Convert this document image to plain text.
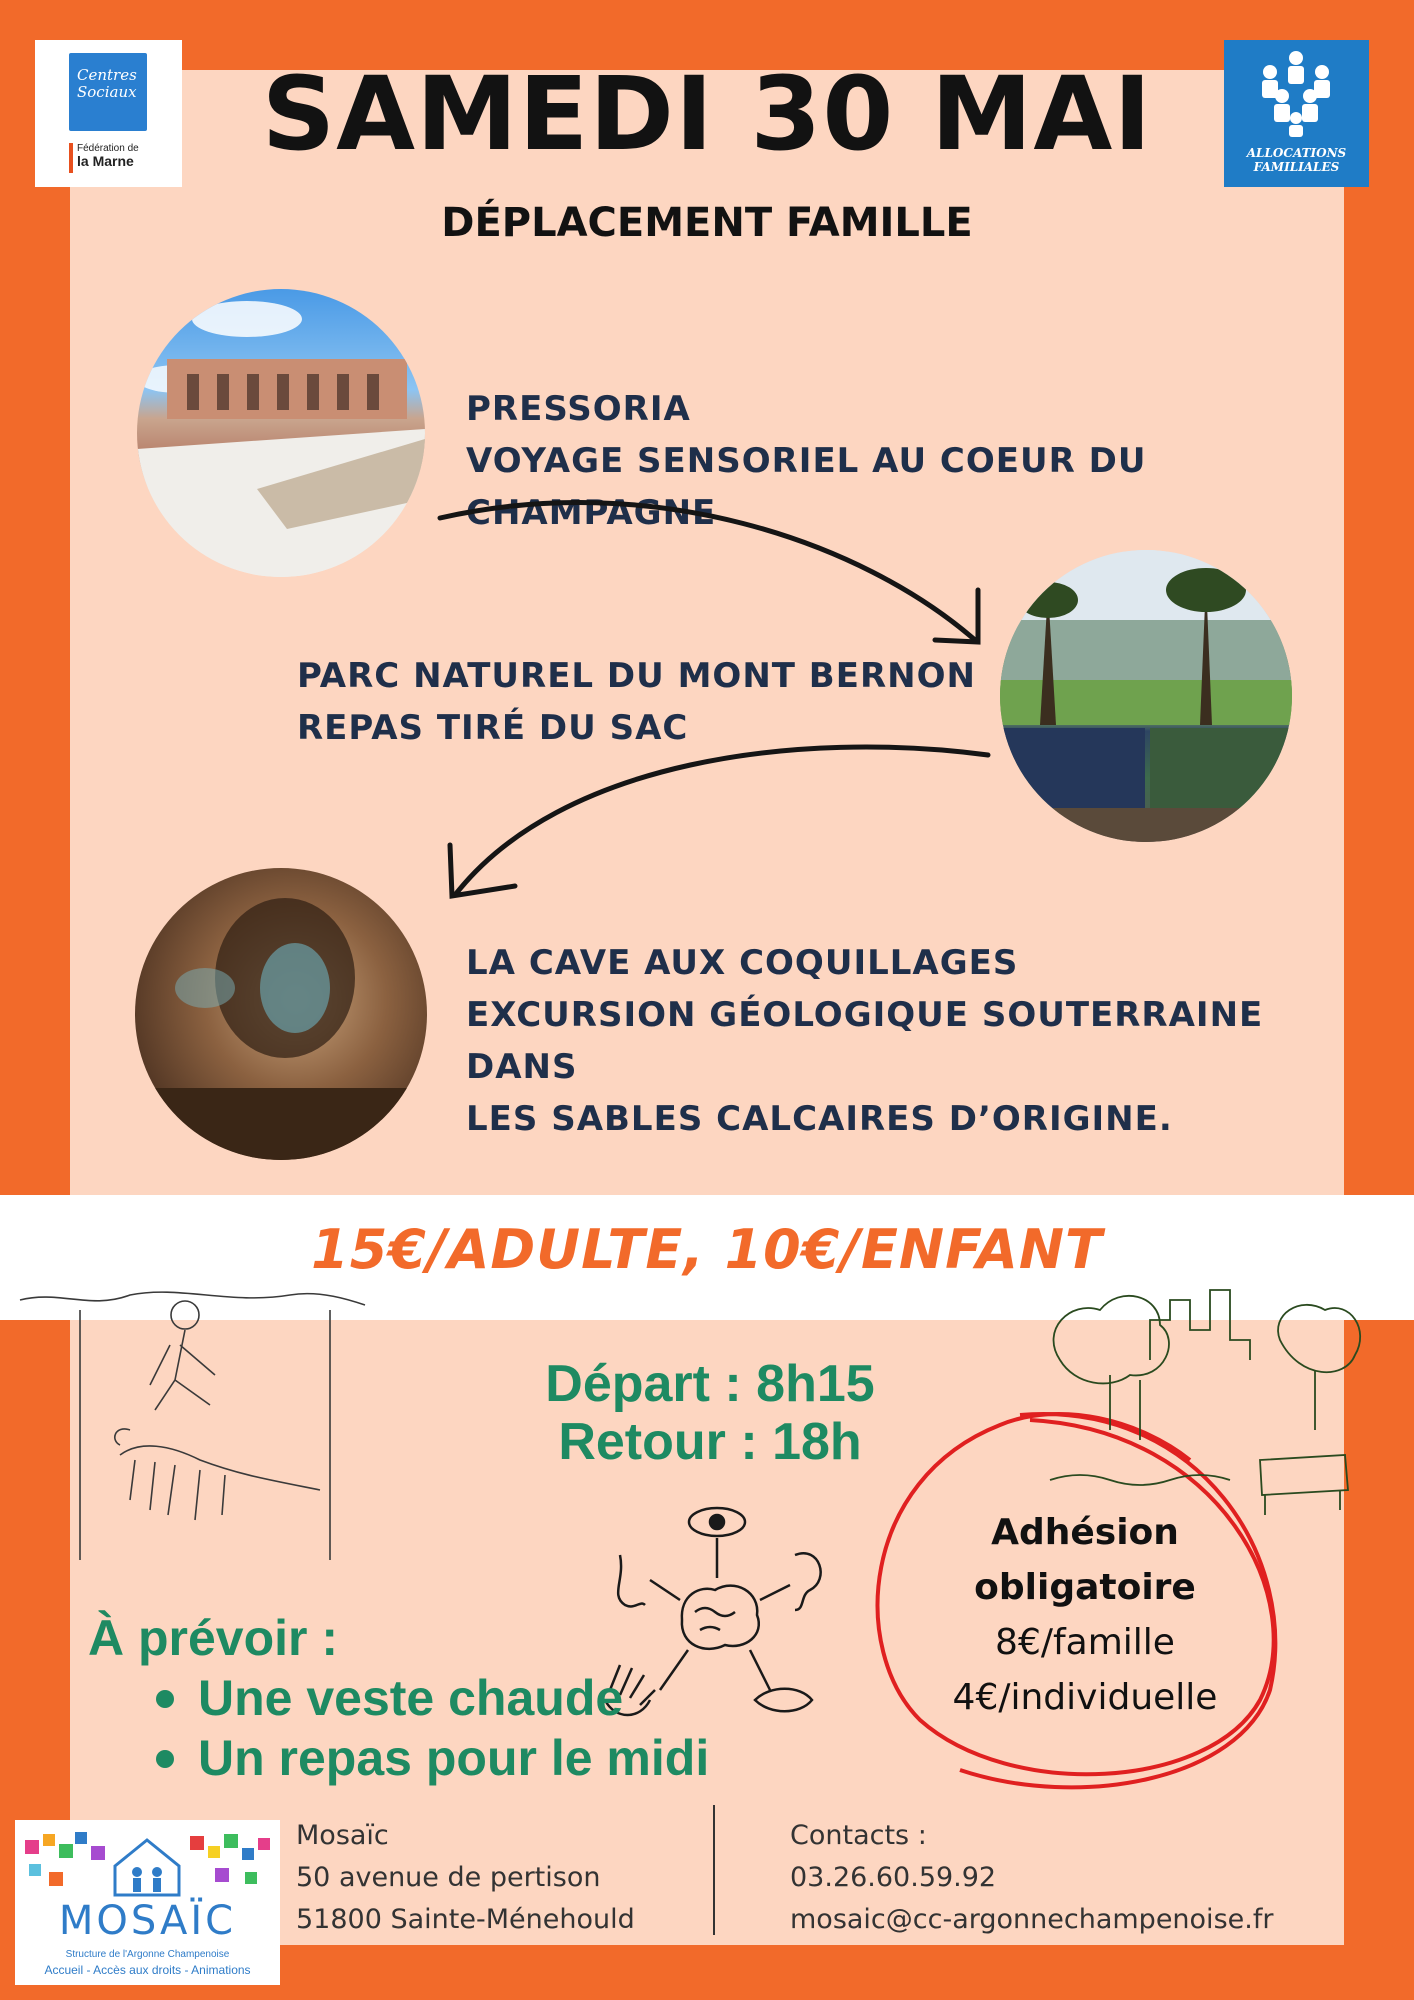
Centres Sociaux
Fédération de
la Marne	ALLOCATIONS
FAMILIALES
SAMEDI 30 MAI
DÉPLACEMENT FAMILLE
PRESSORIA
VOYAGE SENSORIEL AU COEUR DU CHAMPAGNE
PARC NATUREL DU MONT BERNON
REPAS TIRÉ DU SAC
LA CAVE AUX COQUILLAGES
EXCURSION GÉOLOGIQUE SOUTERRAINE DANS
LES SABLES CALCAIRES D’ORIGINE.
15€/ADULTE, 10€/ENFANT
Départ : 8h15
Retour : 18h
À prévoir :
Une veste chaude
Un repas pour le midi
Adhésion
obligatoire
8€/famille
4€/individuelle
MOSAÏC
Structure de l'Argonne Champenoise
Accueil - Accès aux droits - Animations
Mosaïc
50 avenue de pertison
51800 Sainte-Ménehould
Contacts :
03.26.60.59.92
mosaic@cc-argonnechampenoise.fr
